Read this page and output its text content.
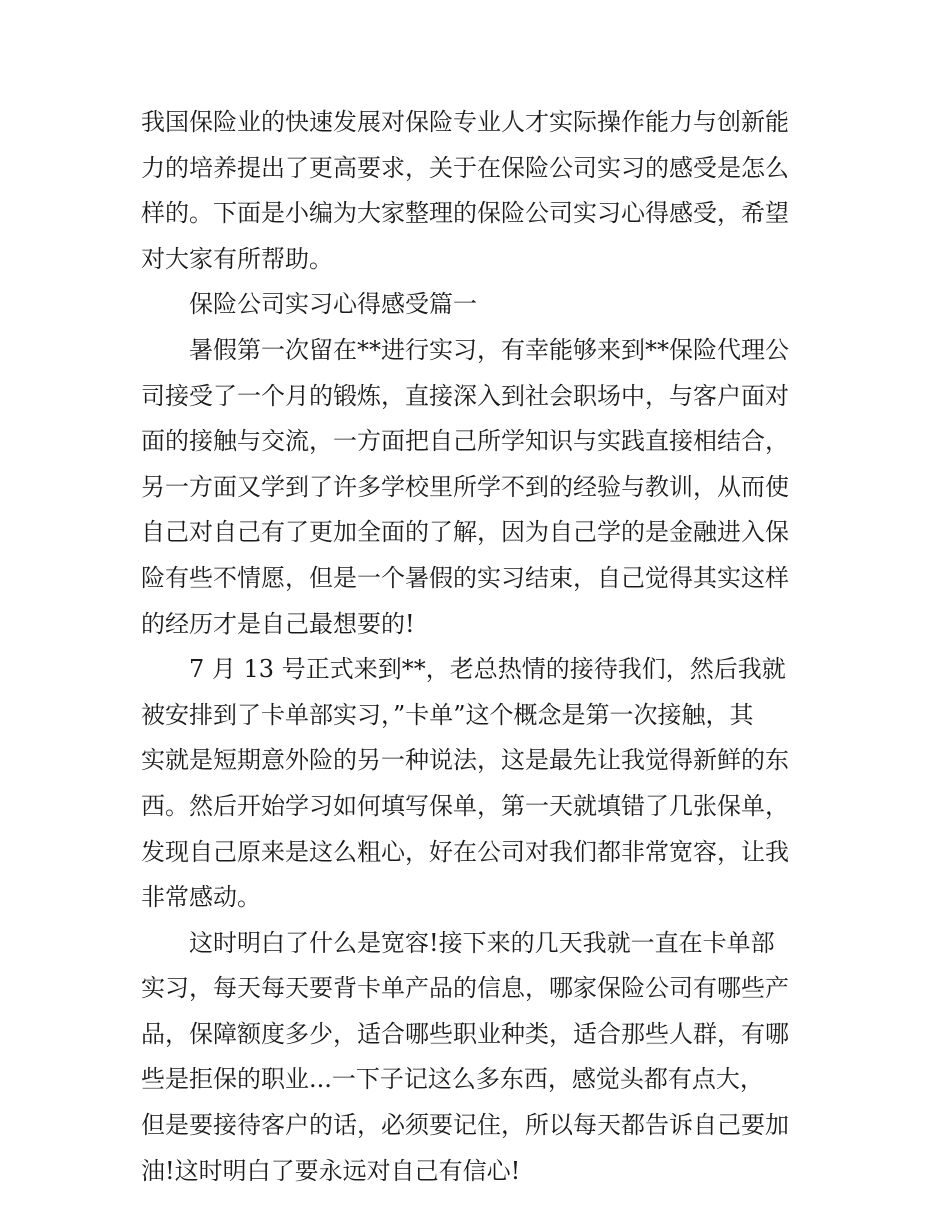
我国保险业的快速发展对保险专业人才实际操作能力与创新能
力的培养提出了更高要求，关于在保险公司实习的感受是怎么
样的。下面是小编为大家整理的保险公司实习心得感受，希望
对大家有所帮助。
保险公司实习心得感受篇一
暑假第一次留在**进行实习，有幸能够来到**保险代理公
司接受了一个月的锻炼，直接深入到社会职场中，与客户面对
面的接触与交流，一方面把自己所学知识与实践直接相结合，
另一方面又学到了许多学校里所学不到的经验与教训，从而使
自己对自己有了更加全面的了解，因为自己学的是金融进入保
险有些不情愿，但是一个暑假的实习结束，自己觉得其实这样
的经历才是自己最想要的!
7 月 13 号正式来到**，老总热情的接待我们，然后我就
被安排到了卡单部实习，”卡单”这个概念是第一次接触，其
实就是短期意外险的另一种说法，这是最先让我觉得新鲜的东
西。然后开始学习如何填写保单，第一天就填错了几张保单，
发现自己原来是这么粗心，好在公司对我们都非常宽容，让我
非常感动。
这时明白了什么是宽容!接下来的几天我就一直在卡单部
实习，每天每天要背卡单产品的信息，哪家保险公司有哪些产
品，保障额度多少，适合哪些职业种类，适合那些人群，有哪
些是拒保的职业...一下子记这么多东西，感觉头都有点大，
但是要接待客户的话，必须要记住，所以每天都告诉自己要加
油!这时明白了要永远对自己有信心!
